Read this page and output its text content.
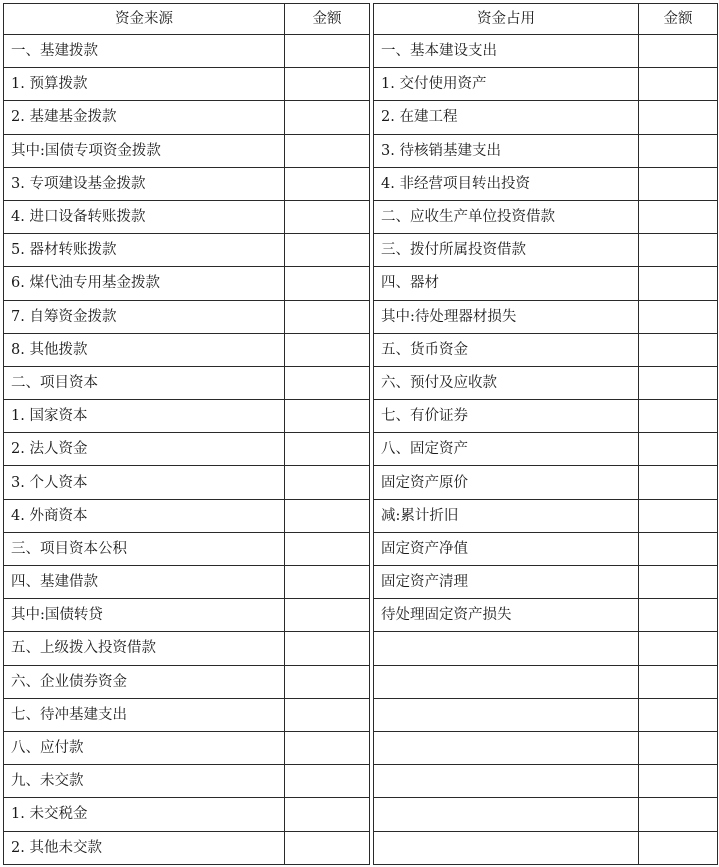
资金来源	金额
一、基建拨款	
1. 预算拨款	
2. 基建基金拨款	
其中:国债专项资金拨款	
3. 专项建设基金拨款	
4. 进口设备转账拨款	
5. 器材转账拨款	
6. 煤代油专用基金拨款	
7. 自筹资金拨款	
8. 其他拨款	
二、项目资本	
1. 国家资本	
2. 法人资金	
3. 个人资本	
4. 外商资本	
三、项目资本公积	
四、基建借款	
其中:国债转贷	
五、上级拨入投资借款	
六、企业债券资金	
七、待冲基建支出	
八、应付款	
九、未交款	
1. 未交税金	
2. 其他未交款	
资金占用	金额
一、基本建设支出	
1. 交付使用资产	
2. 在建工程	
3. 待核销基建支出	
4. 非经营项目转出投资	
二、应收生产单位投资借款	
三、拨付所属投资借款	
四、器材	
其中:待处理器材损失	
五、货币资金	
六、预付及应收款	
七、有价证券	
八、固定资产	
固定资产原价	
减:累计折旧	
固定资产净值	
固定资产清理	
待处理固定资产损失	
